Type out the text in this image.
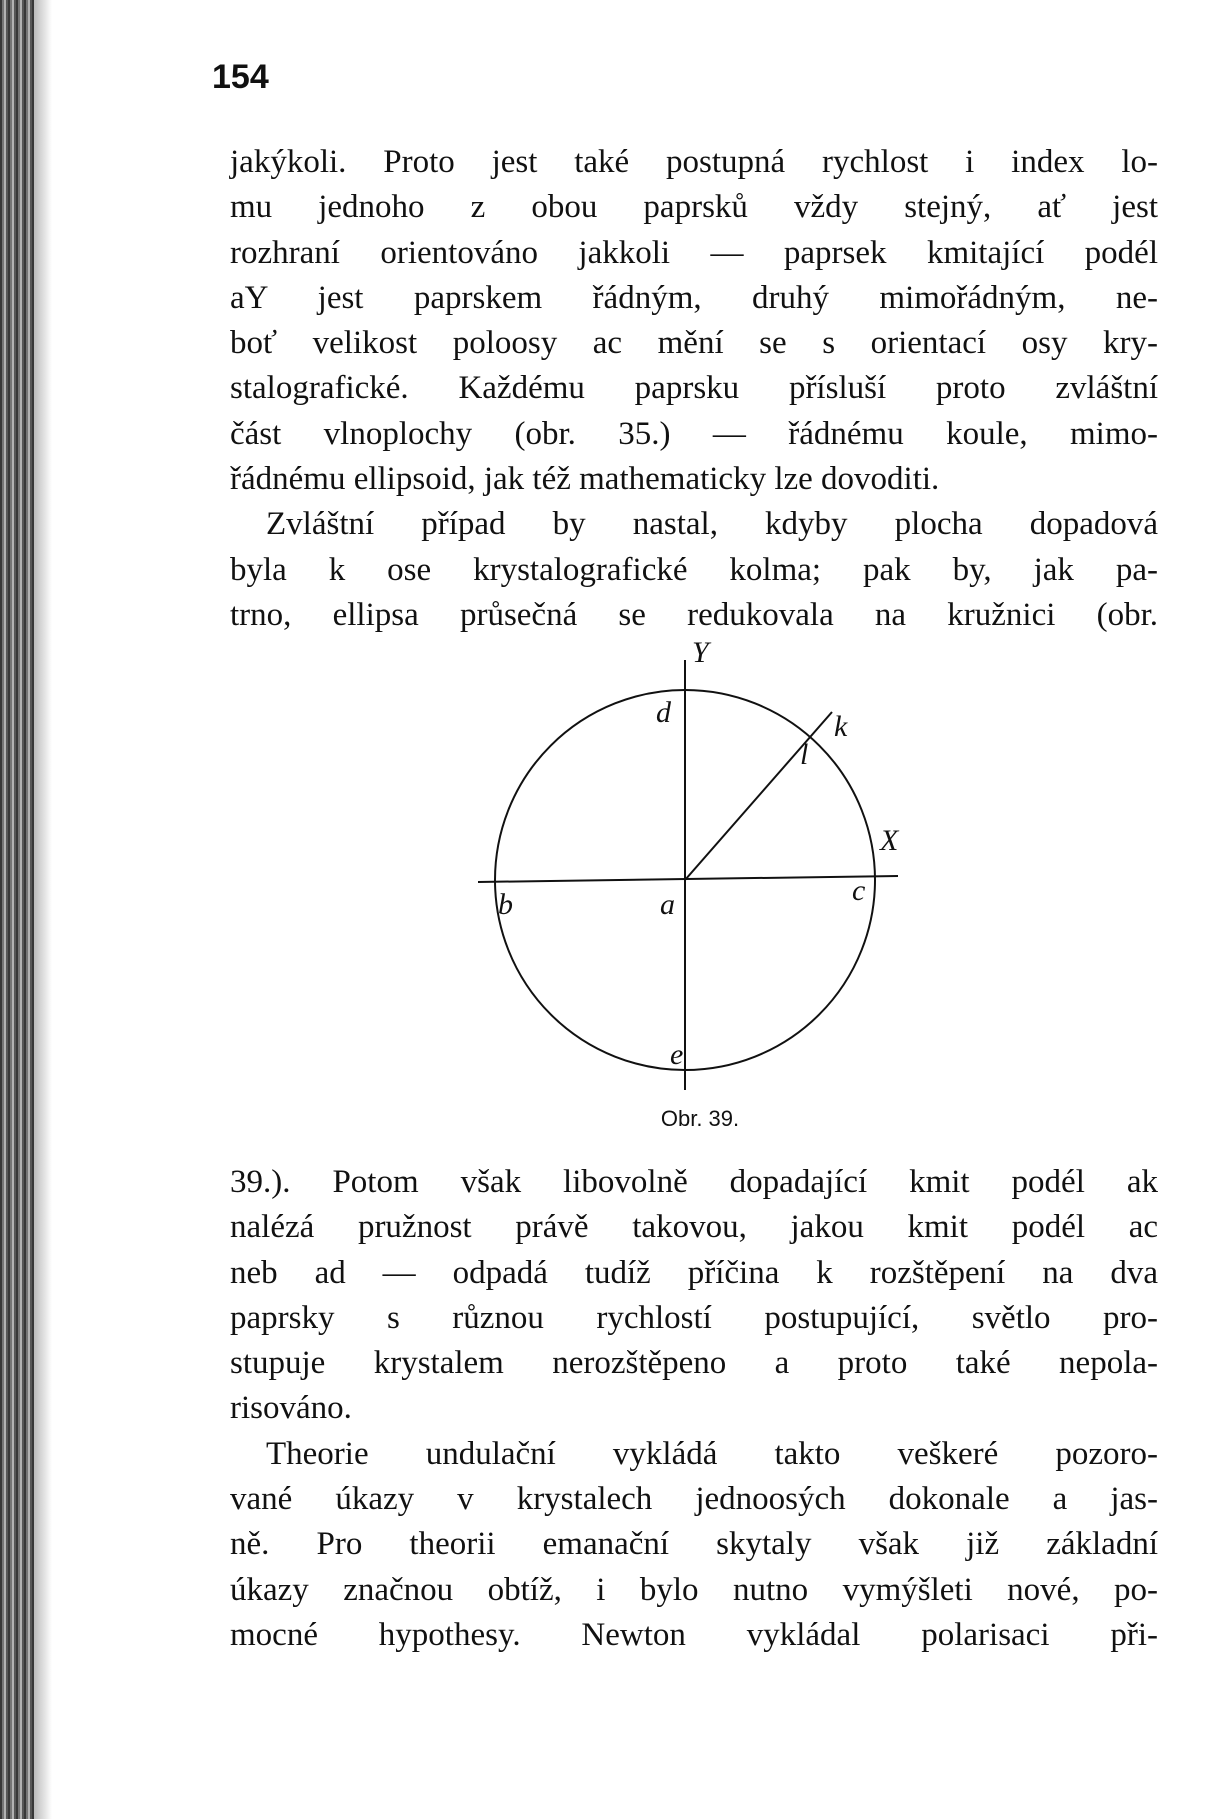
154
jakýkoli. Proto jest také postupná rychlost i index lo-
mu jednoho z obou paprsků vždy stejný, ať jest
rozhraní orientováno jakkoli — paprsek kmitající podél
aY jest paprskem řádným, druhý mimořádným, ne-
boť velikost poloosy ac mění se s orientací osy kry-
stalografické. Každému paprsku přísluší proto zvláštní
část vlnoplochy (obr. 35.) — řádnému koule, mimo-
řádnému ellipsoid, jak též mathematicky lze dovoditi.
Zvláštní případ by nastal, kdyby plocha dopadová
byla k ose krystalografické kolma; pak by, jak pa-
trno, ellipsa průsečná se redukovala na kružnici (obr.
Y
X
a
b	c
d
e
k
l
Obr. 39.
39.). Potom však libovolně dopadající kmit podél ak
nalézá pružnost právě takovou, jakou kmit podél ac
neb ad — odpadá tudíž příčina k rozštěpení na dva
paprsky s různou rychlostí postupující, světlo pro-
stupuje krystalem nerozštěpeno a proto také nepola-
risováno.
Theorie undulační vykládá takto veškeré pozoro-
vané úkazy v krystalech jednoosých dokonale a jas-
ně. Pro theorii emanační skytaly však již základní
úkazy značnou obtíž, i bylo nutno vymýšleti nové, po-
mocné hypothesy. Newton vykládal polarisaci při-
